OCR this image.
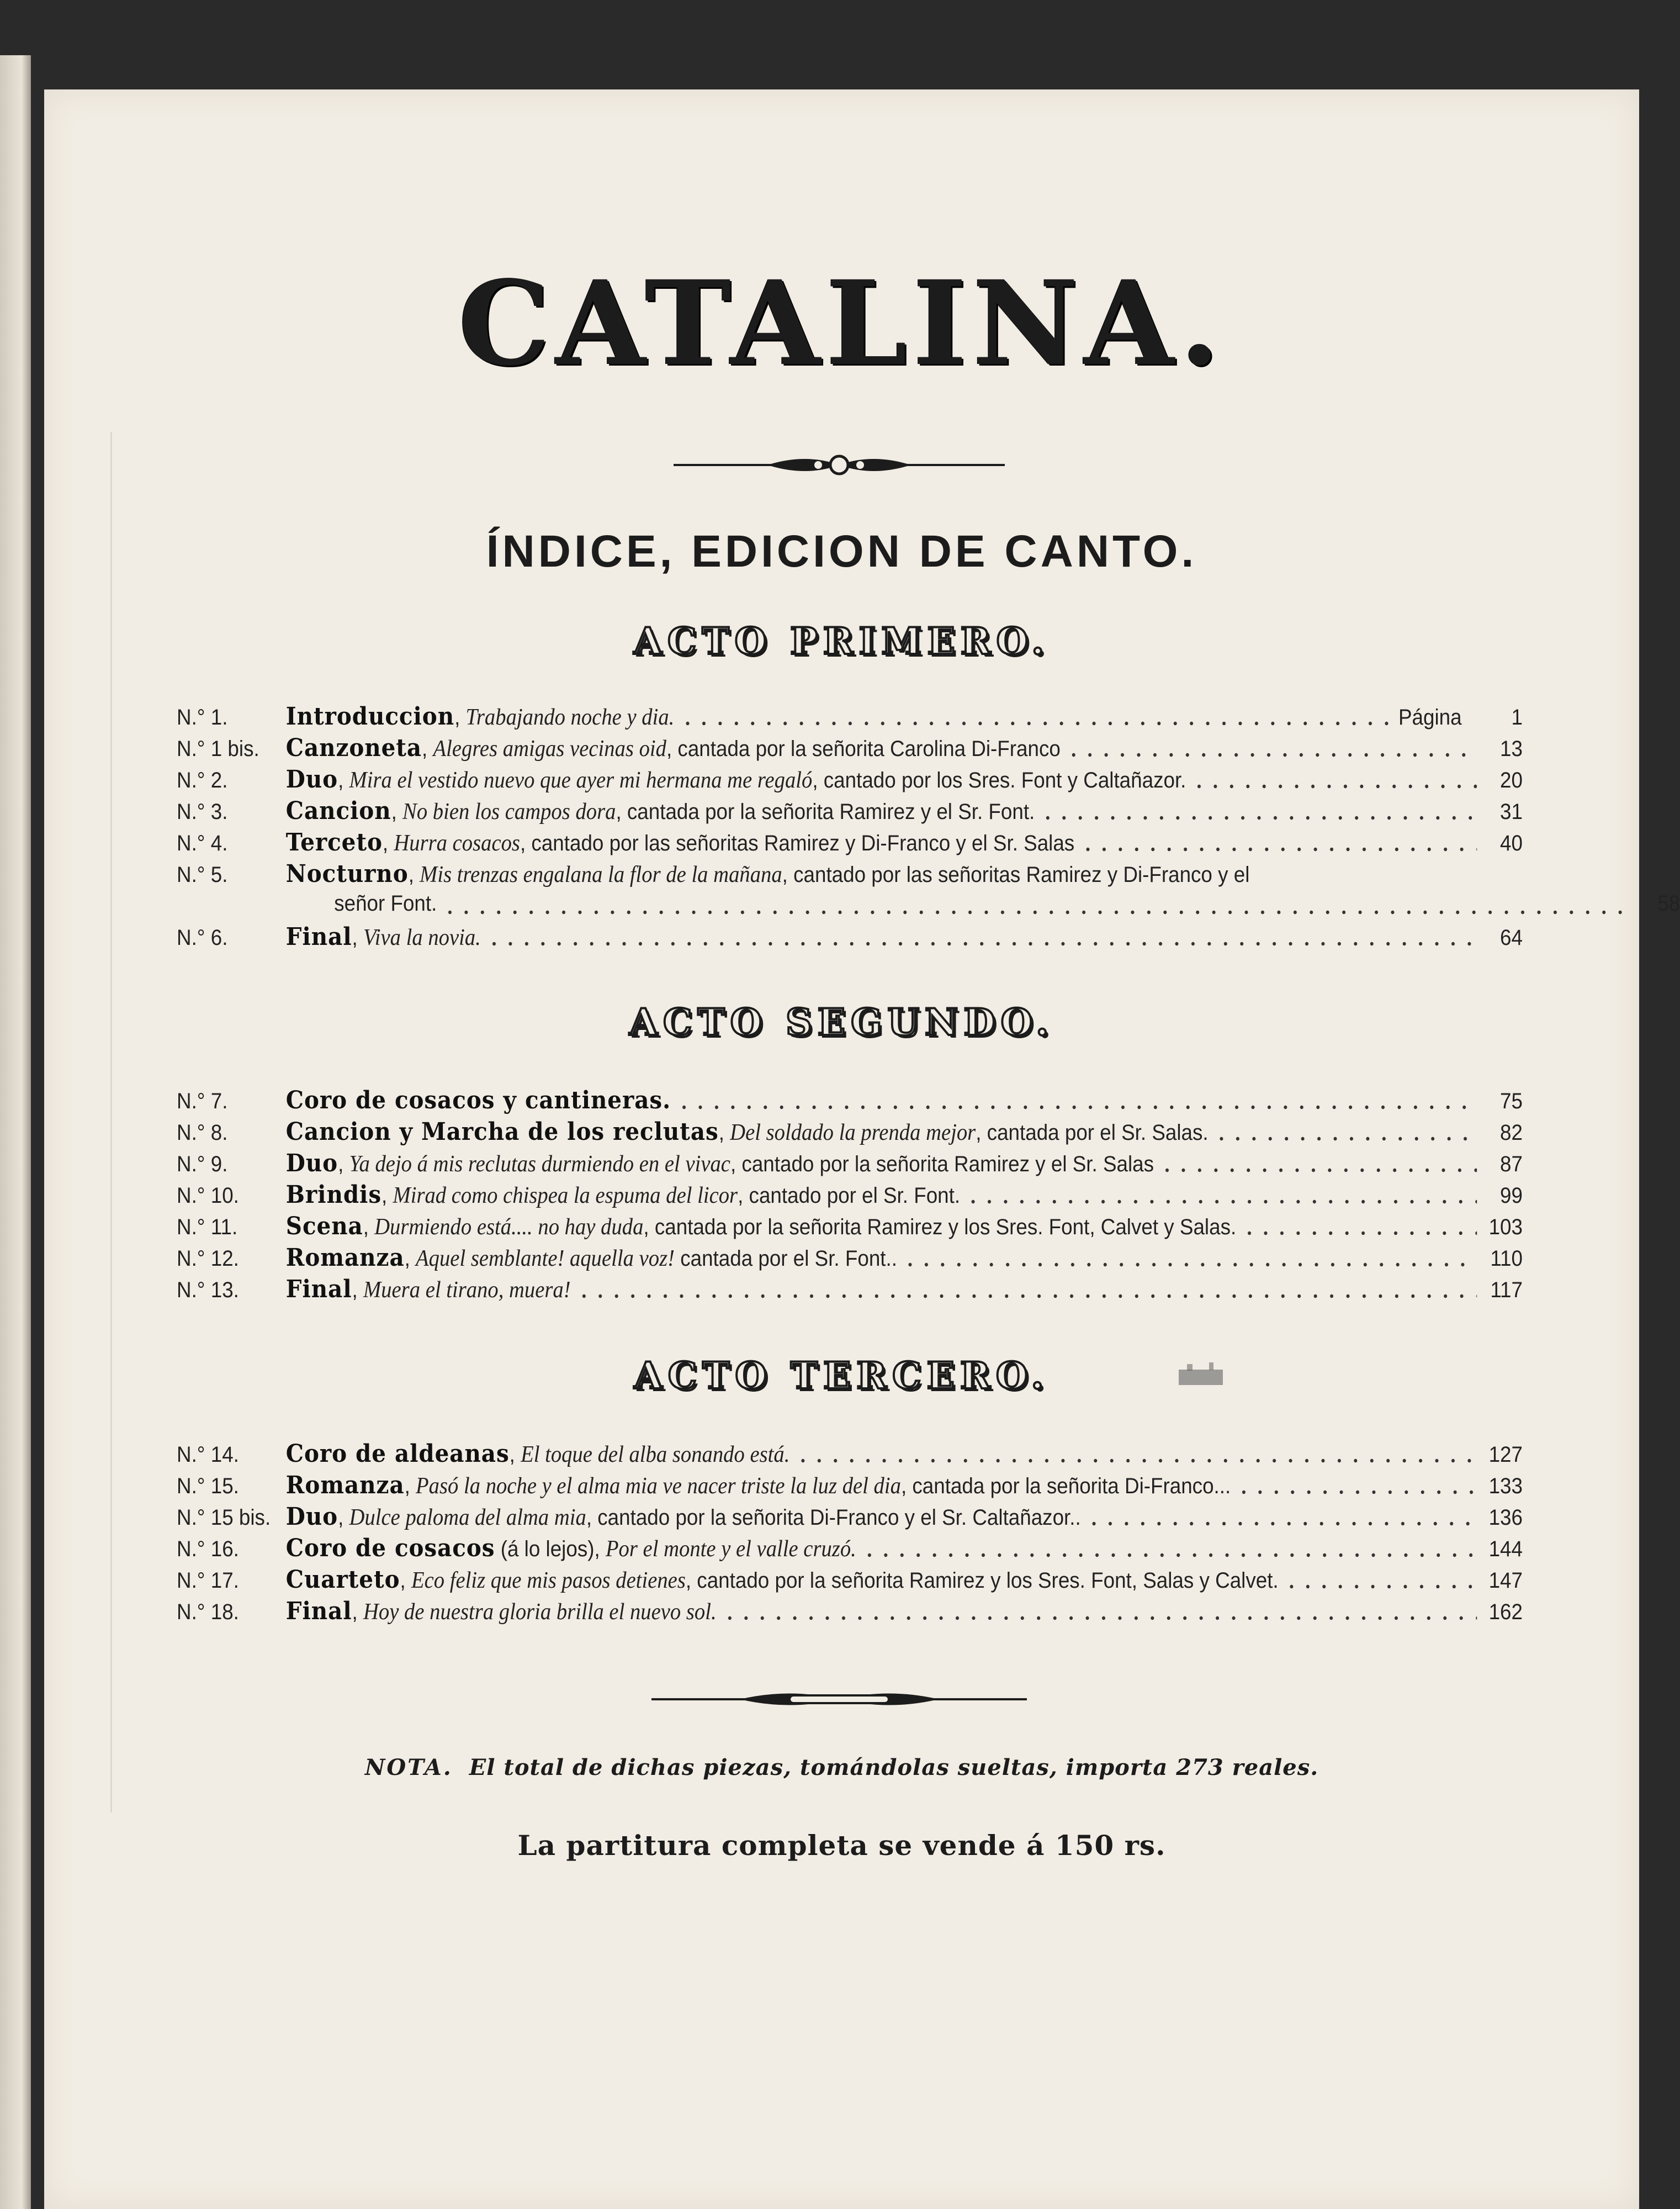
CATALINA.
ÍNDICE, EDICION DE CANTO.
ACTO PRIMERO.
N.° 1.	Introduccion, Trabajando noche y dia.	Página	1
N.° 1 bis.	Canzoneta, Alegres amigas vecinas oid, cantada por la señorita Carolina Di-Franco	13
N.° 2.	Duo, Mira el vestido nuevo que ayer mi hermana me regaló, cantado por los Sres. Font y Caltañazor.	20
N.° 3.	Cancion, No bien los campos dora, cantada por la señorita Ramirez y el Sr. Font.	31
N.° 4.	Terceto, Hurra cosacos, cantado por las señoritas Ramirez y Di-Franco y el Sr. Salas	40
N.° 5.	Nocturno, Mis trenzas engalana la flor de la mañana, cantado por las señoritas Ramirez y Di-Franco y el
señor Font.	58
N.° 6.	Final, Viva la novia.	64
ACTO SEGUNDO.
N.° 7.	Coro de cosacos y cantineras.	75
N.° 8.	Cancion y Marcha de los reclutas, Del soldado la prenda mejor, cantada por el Sr. Salas.	82
N.° 9.	Duo, Ya dejo á mis reclutas durmiendo en el vivac, cantado por la señorita Ramirez y el Sr. Salas	87
N.° 10.	Brindis, Mirad como chispea la espuma del licor, cantado por el Sr. Font.	99
N.° 11.	Scena, Durmiendo está.... no hay duda, cantada por la señorita Ramirez y los Sres. Font, Calvet y Salas.	103
N.° 12.	Romanza, Aquel semblante! aquella voz! cantada por el Sr. Font..	110
N.° 13.	Final, Muera el tirano, muera!	117
ACTO TERCERO.
N.° 14.	Coro de aldeanas, El toque del alba sonando está.	127
N.° 15.	Romanza, Pasó la noche y el alma mia ve nacer triste la luz del dia, cantada por la señorita Di-Franco...	133
N.° 15 bis. Duo, Dulce paloma del alma mia, cantado por la señorita Di-Franco y el Sr. Caltañazor..	136
N.° 16.	Coro de cosacos (á lo lejos), Por el monte y el valle cruzó.	144
N.° 17.	Cuarteto, Eco feliz que mis pasos detienes, cantado por la señorita Ramirez y los Sres. Font, Salas y Calvet.	147
N.° 18.	Final, Hoy de nuestra gloria brilla el nuevo sol.	162
NOTA. El total de dichas piezas, tomándolas sueltas, importa 273 reales.
La partitura completa se vende á 150 rs.
